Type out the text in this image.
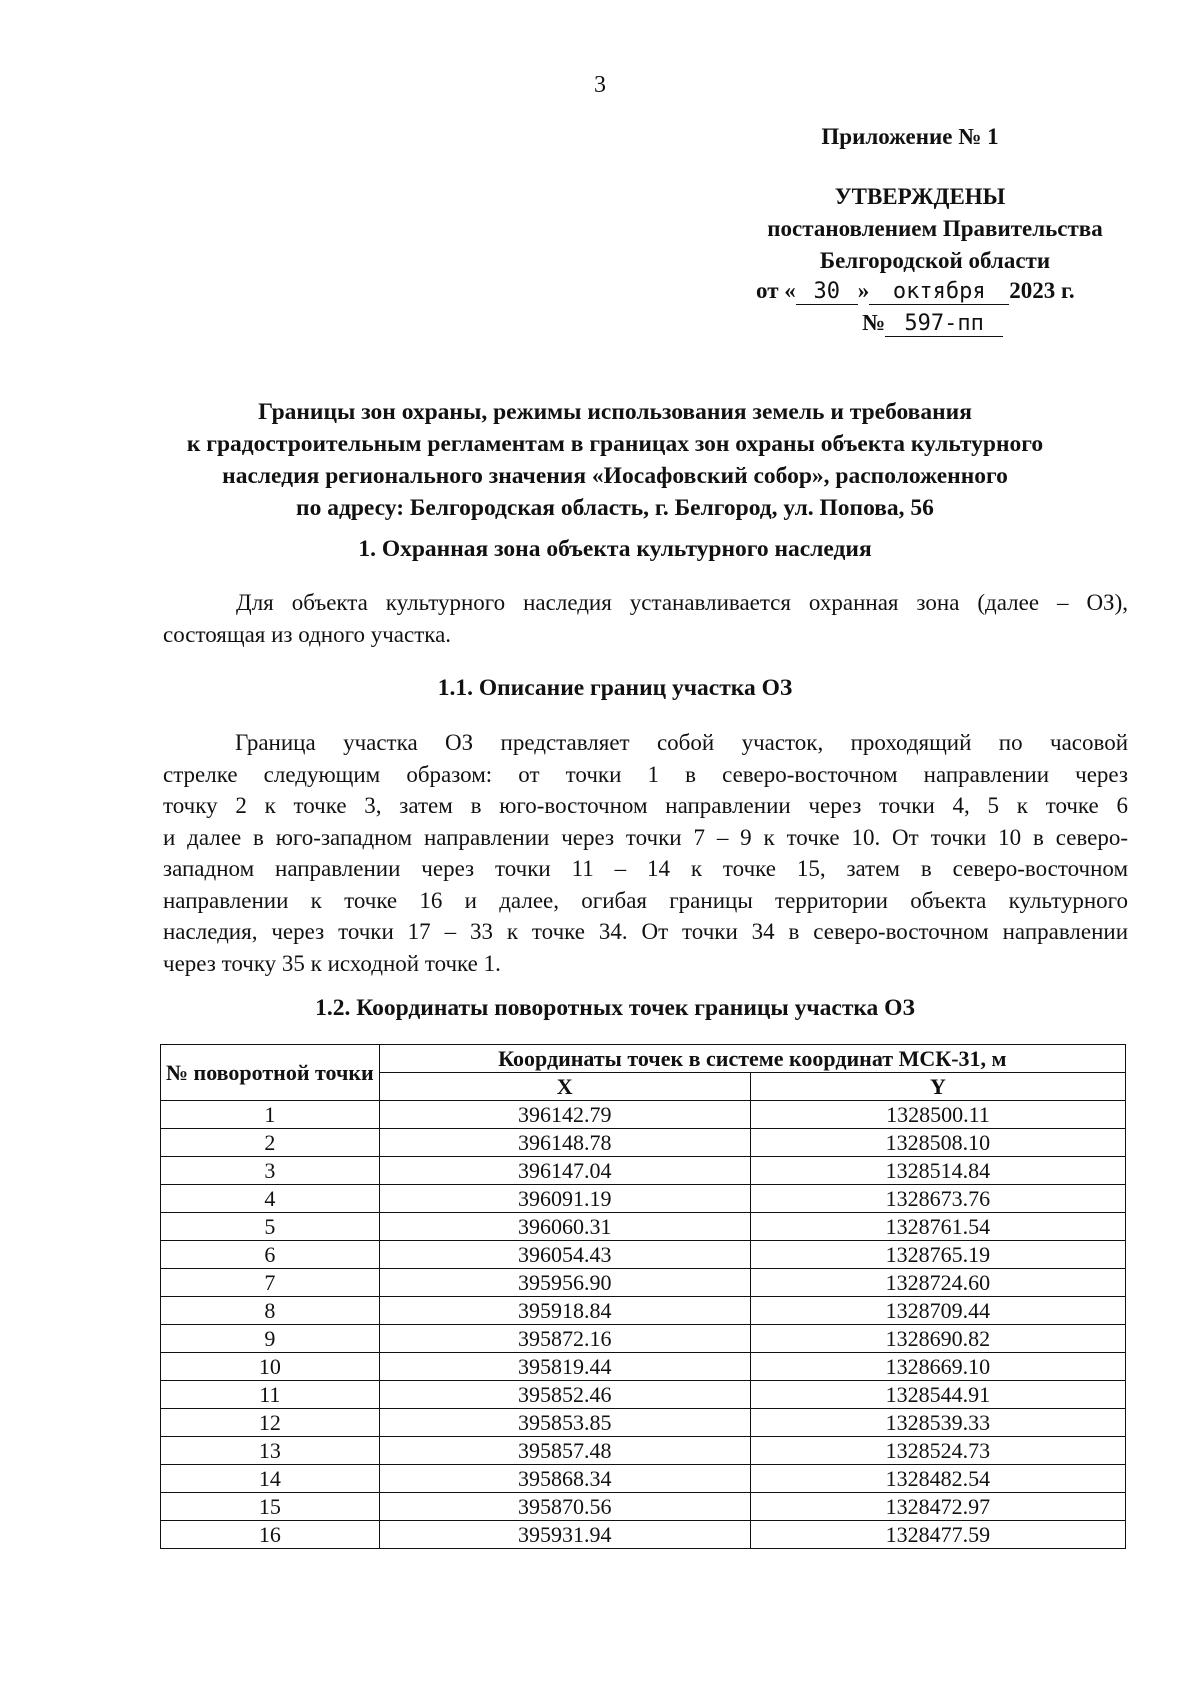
3
Приложение № 1
УТВЕРЖДЕНЫ
постановлением Правительства
Белгородской области
от « 30 » октября 2023 г.
№ 597-пп
Границы зон охраны, режимы использования земель и требования
к градостроительным регламентам в границах зон охраны объекта культурного
наследия регионального значения «Иосафовский собор», расположенного
по адресу: Белгородская область, г. Белгород, ул. Попова, 56
1. Охранная зона объекта культурного наследия
Для объекта культурного наследия устанавливается охранная зона (далее – ОЗ),
состоящая из одного участка.
1.1. Описание границ участка ОЗ
Граница участка ОЗ представляет собой участок, проходящий по часовой
стрелке следующим образом: от точки 1 в северо-восточном направлении через
точку 2 к точке 3, затем в юго-восточном направлении через точки 4, 5 к точке 6
и далее в юго-западном направлении через точки 7 – 9 к точке 10. От точки 10 в северо-
западном направлении через точки 11 – 14 к точке 15, затем в северо-восточном
направлении к точке 16 и далее, огибая границы территории объекта культурного
наследия, через точки 17 – 33 к точке 34. От точки 34 в северо-восточном направлении
через точку 35 к исходной точке 1.
1.2. Координаты поворотных точек границы участка ОЗ
№ поворотной точки	Координаты точек в системе координат МСК-31, м	
	X	Y
1	396142.79	1328500.11
2	396148.78	1328508.10
3	396147.04	1328514.84
4	396091.19	1328673.76
5	396060.31	1328761.54
6	396054.43	1328765.19
7	395956.90	1328724.60
8	395918.84	1328709.44
9	395872.16	1328690.82
10	395819.44	1328669.10
11	395852.46	1328544.91
12	395853.85	1328539.33
13	395857.48	1328524.73
14	395868.34	1328482.54
15	395870.56	1328472.97
16	395931.94	1328477.59
